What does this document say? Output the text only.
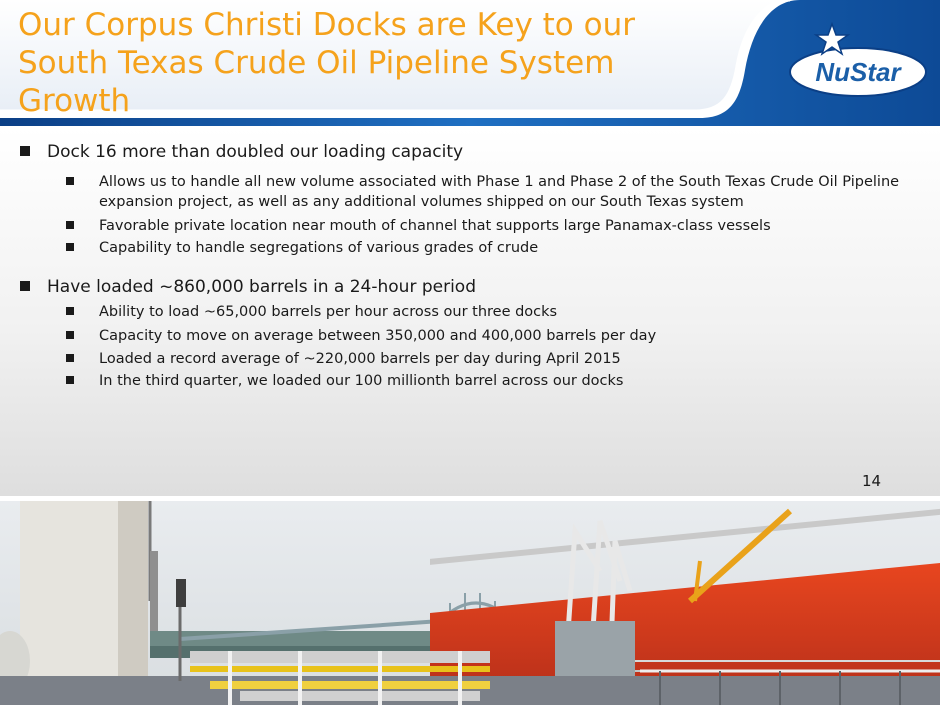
NuStar
Our Corpus Christi Docks are Key to our South Texas Crude Oil Pipeline System Growth
Dock 16 more than doubled our loading capacity
Allows us to handle all new volume associated with Phase 1 and Phase 2 of the South Texas Crude Oil Pipeline expansion project, as well as any additional volumes shipped on our South Texas system
Favorable private location near mouth of channel that supports large Panamax-class vessels
Capability to handle segregations of various grades of crude
Have loaded ~860,000 barrels in a 24-hour period
Ability to load ~65,000 barrels per hour across our three docks
Capacity to move on average between 350,000 and 400,000 barrels per day
Loaded a record average of ~220,000 barrels per day during April 2015
In the third quarter, we loaded our 100 millionth barrel across our docks
14
